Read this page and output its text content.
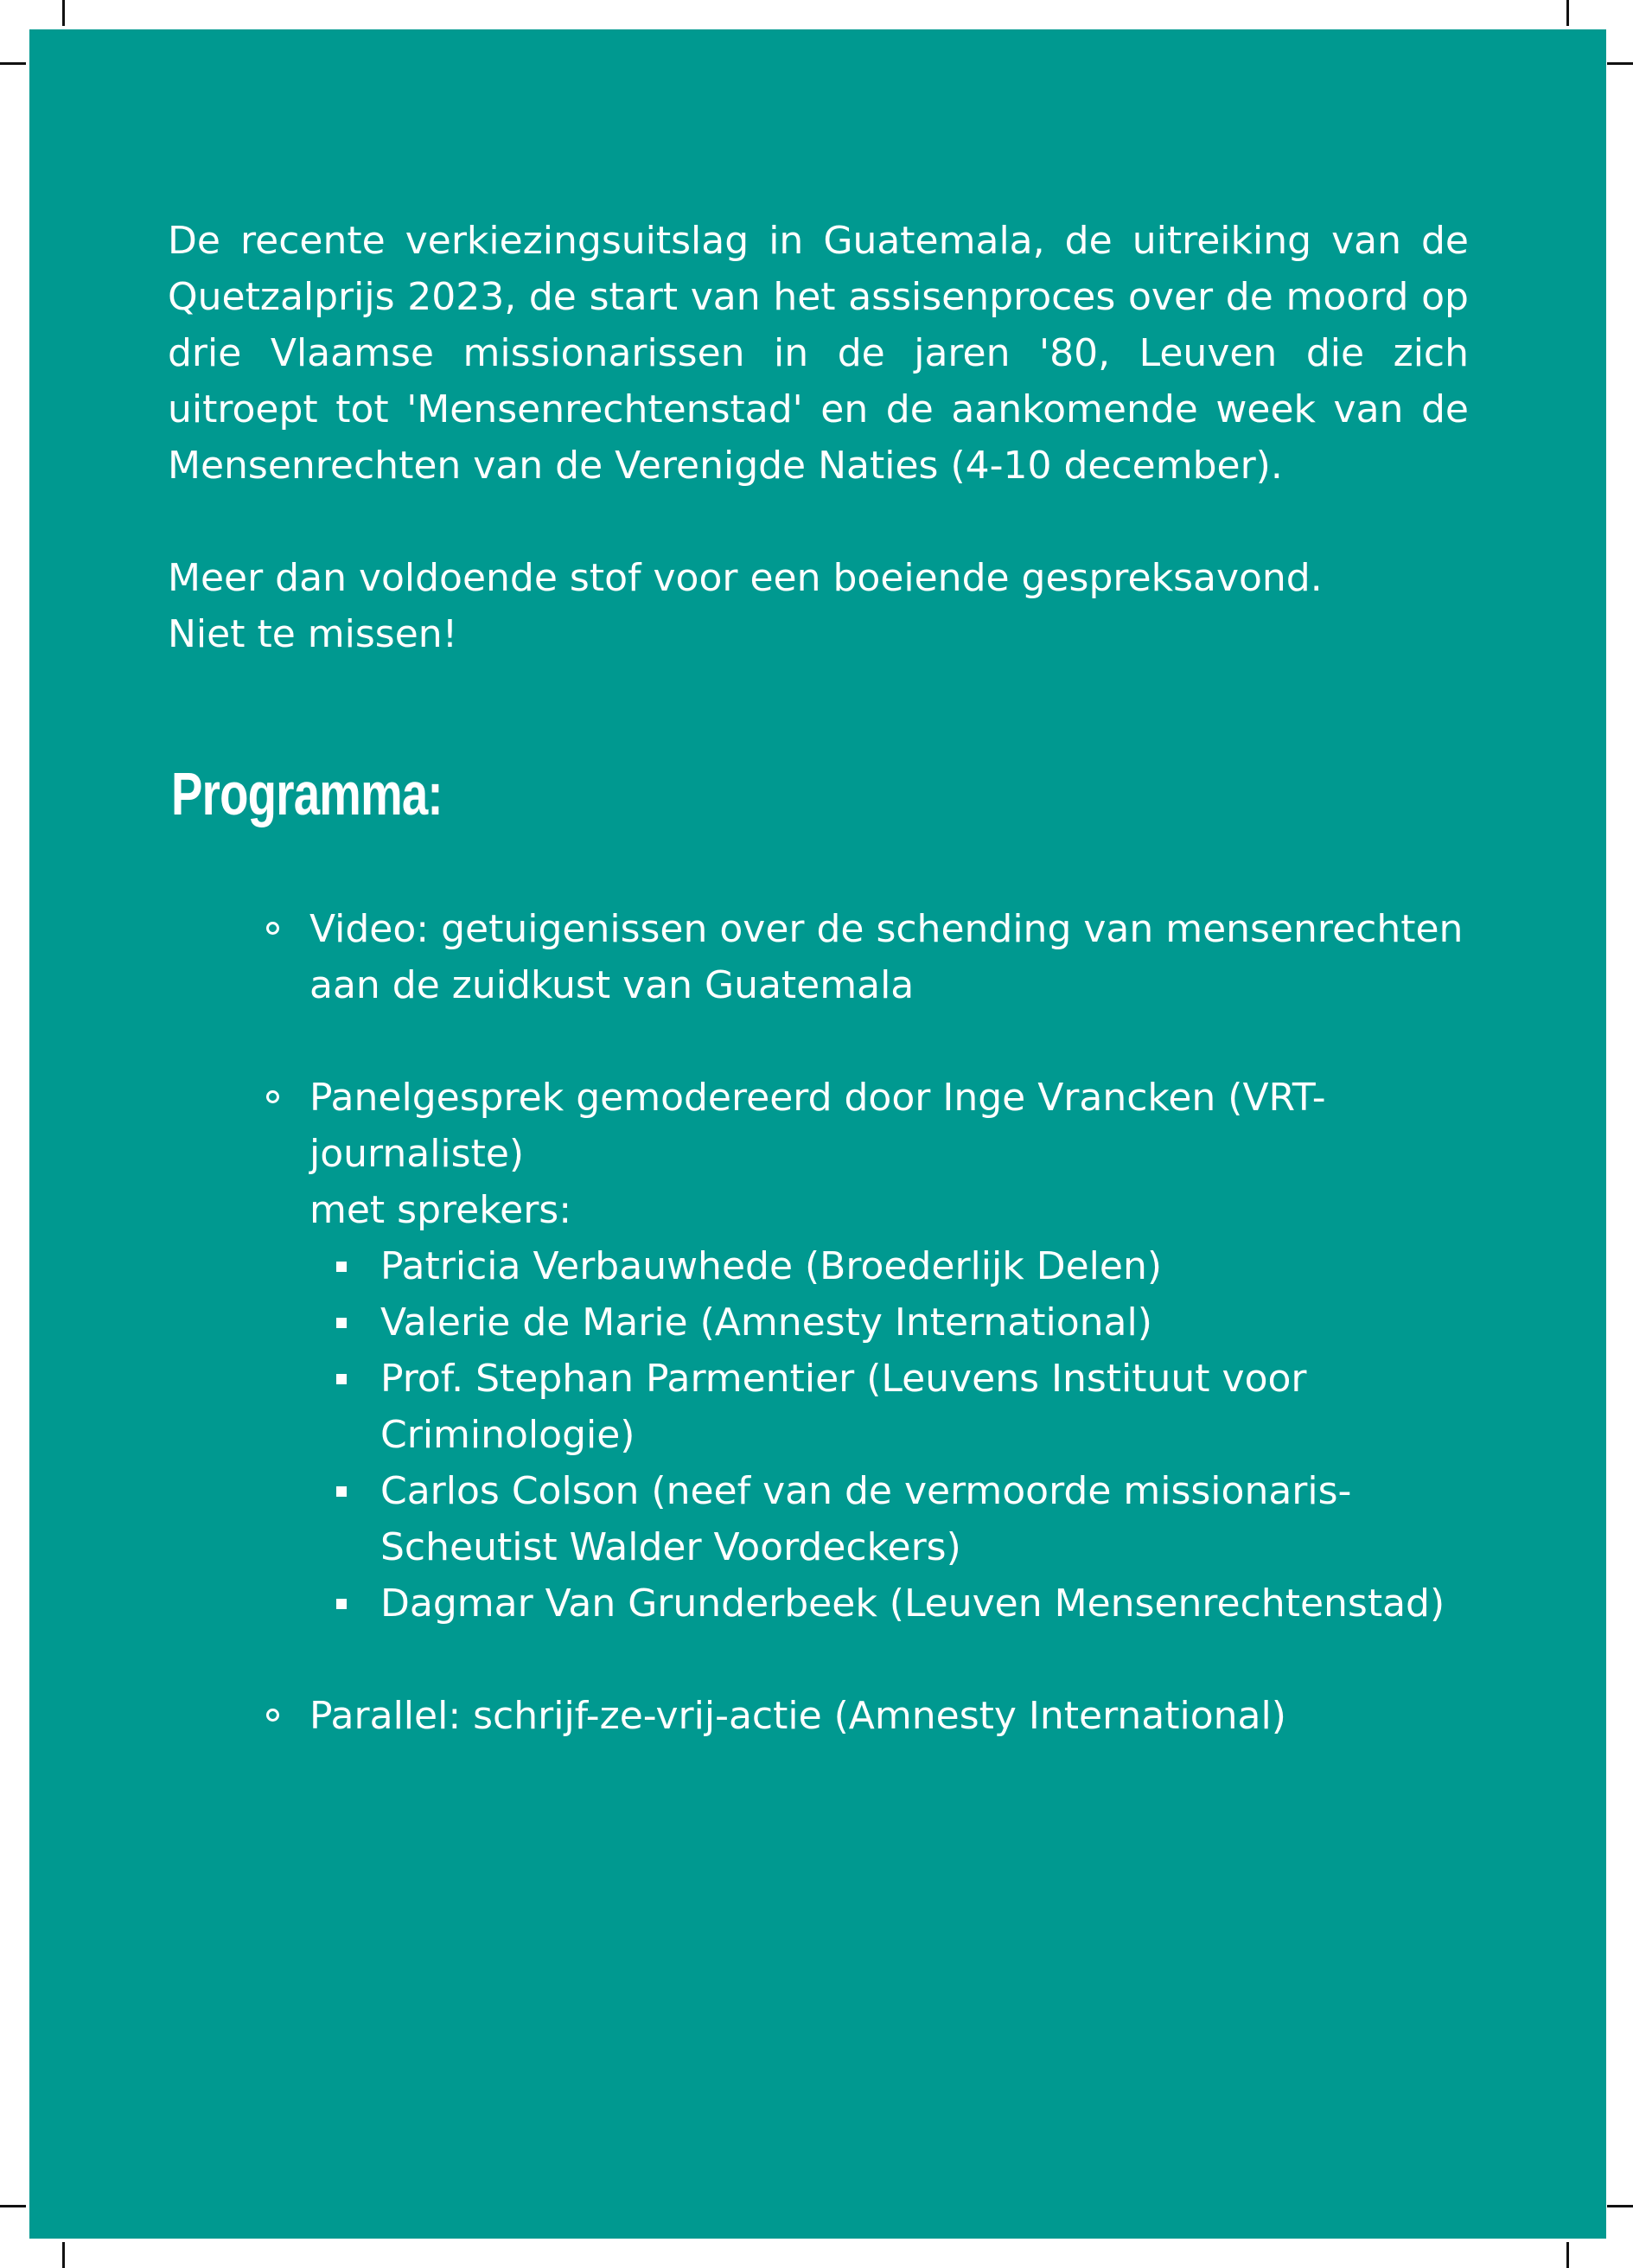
De recente verkiezingsuitslag in Guatemala, de uitreiking van de Quetzalprijs 2023, de start van het assisenproces over de moord op drie Vlaamse missionarissen in de jaren '80, Leuven die zich uitroept tot 'Mensenrechtenstad' en de aankomende week van de Mensenrechten van de Verenigde Naties (4-10 december).

Meer dan voldoende stof voor een boeiende gespreksavond.
Niet te missen!
Programma:
Video: getuigenissen over de schending van mensenrechten aan de zuidkust van Guatemala
Panelgesprek gemodereerd door Inge Vrancken (VRT-journaliste)
met sprekers:
Patricia Verbauwhede (Broederlijk Delen)
Valerie de Marie (Amnesty International)
Prof. Stephan Parmentier (Leuvens Instituut voor Criminologie)
Carlos Colson (neef van de vermoorde missionaris-Scheutist Walder Voordeckers)
Dagmar Van Grunderbeek (Leuven Mensenrechtenstad)
Parallel: schrijf-ze-vrij-actie (Amnesty International)
